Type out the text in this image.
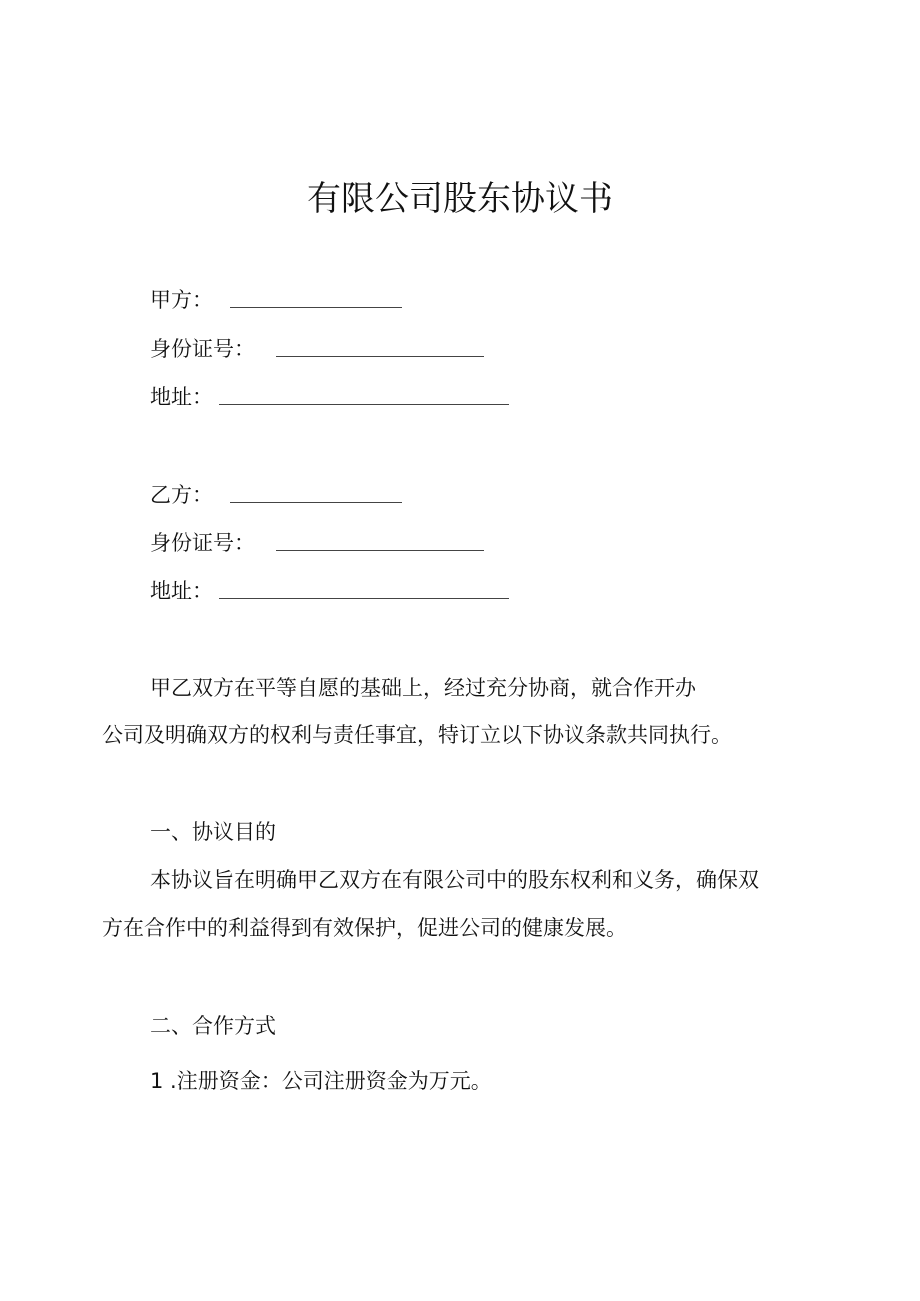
有限公司股东协议书
甲方：
身份证号：
地址：
乙方：
身份证号：
地址：
甲乙双方在平等自愿的基础上，经过充分协商，就合作开办
公司及明确双方的权利与责任事宜，特订立以下协议条款共同执行。
一、协议目的
本协议旨在明确甲乙双方在有限公司中的股东权利和义务，确保双
方在合作中的利益得到有效保护，促进公司的健康发展。
二、合作方式
1 .注册资金：公司注册资金为万元。
